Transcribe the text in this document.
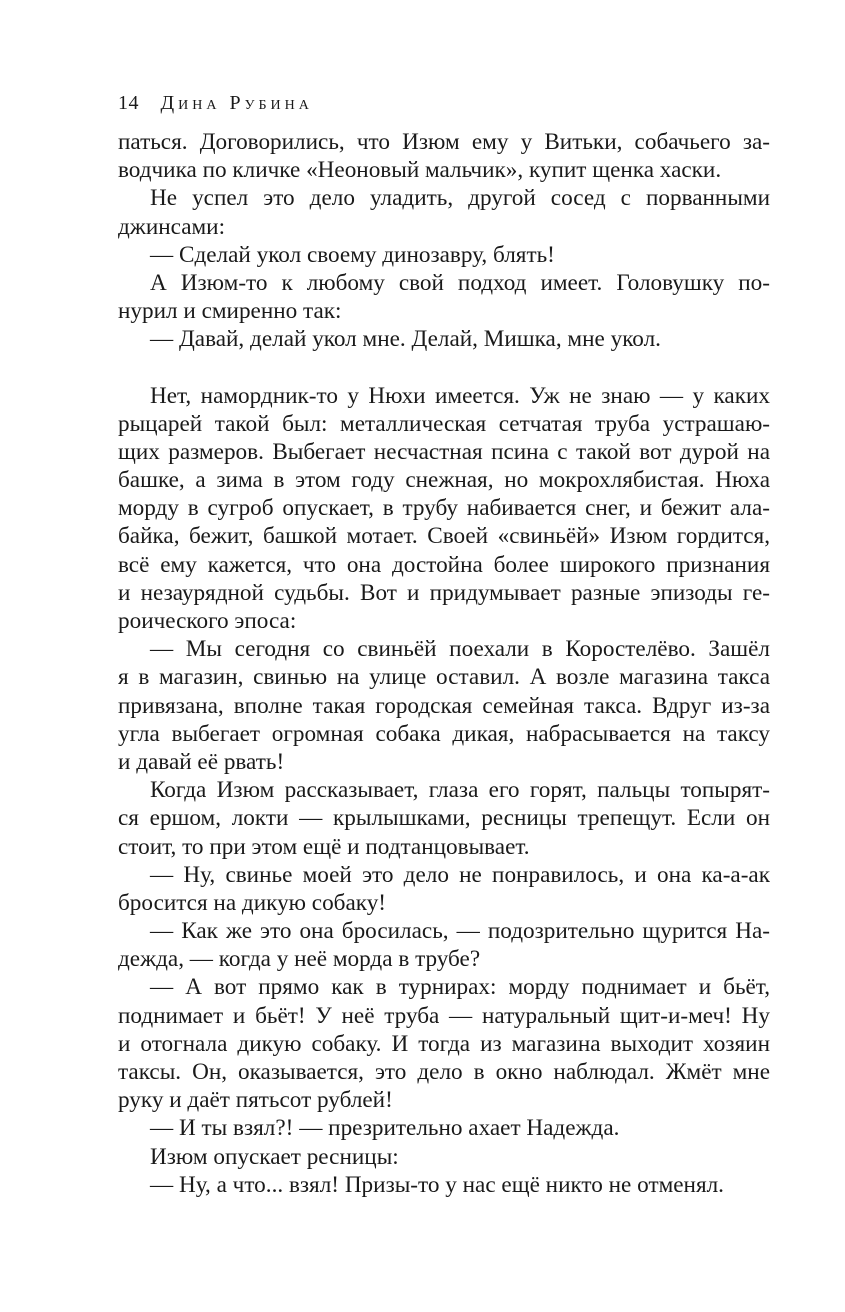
14 Дина Рубина
паться. Договорились, что Изюм ему у Витьки, собачьего за-
водчика по кличке «Неоновый мальчик», купит щенка хаски.
Не успел это дело уладить, другой сосед с порванными
джинсами:
— Сделай укол своему динозавру, блять!
А Изюм-то к любому свой подход имеет. Головушку по-
нурил и смиренно так:
— Давай, делай укол мне. Делай, Мишка, мне укол.
Нет, намордник-то у Нюхи имеется. Уж не знаю — у каких
рыцарей такой был: металлическая сетчатая труба устрашаю-
щих размеров. Выбегает несчастная псина с такой вот дурой на
башке, а зима в этом году снежная, но мокрохлябистая. Нюха
морду в сугроб опускает, в трубу набивается снег, и бежит ала-
байка, бежит, башкой мотает. Своей «свиньёй» Изюм гордится,
всё ему кажется, что она достойна более широкого признания
и незаурядной судьбы. Вот и придумывает разные эпизоды ге-
роического эпоса:
— Мы сегодня со свиньёй поехали в Коростелёво. Зашёл
я в магазин, свинью на улице оставил. А возле магазина такса
привязана, вполне такая городская семейная такса. Вдруг из-за
угла выбегает огромная собака дикая, набрасывается на таксу
и давай её рвать!
Когда Изюм рассказывает, глаза его горят, пальцы топырят-
ся ершом, локти — крылышками, ресницы трепещут. Если он
стоит, то при этом ещё и подтанцовывает.
— Ну, свинье моей это дело не понравилось, и она ка-а-ак
бросится на дикую собаку!
— Как же это она бросилась, — подозрительно щурится На-
дежда, — когда у неё морда в трубе?
— А вот прямо как в турнирах: морду поднимает и бьёт,
поднимает и бьёт! У неё труба — натуральный щит-и-меч! Ну
и отогнала дикую собаку. И тогда из магазина выходит хозяин
таксы. Он, оказывается, это дело в окно наблюдал. Жмёт мне
руку и даёт пятьсот рублей!
— И ты взял?! — презрительно ахает Надежда.
Изюм опускает ресницы:
— Ну, а что... взял! Призы-то у нас ещё никто не отменял.
